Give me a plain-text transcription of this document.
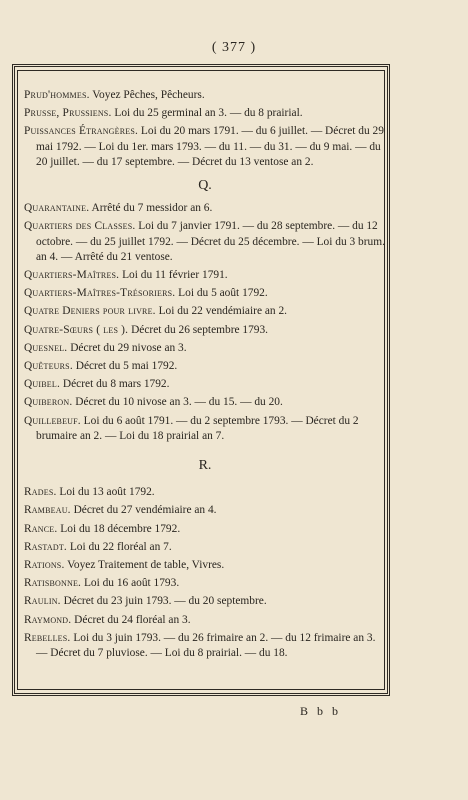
( 377 )

Prud'hommes. Voyez Pêches, Pêcheurs.

Prusse, Prussiens. Loi du 25 germinal an 3. — du 8 prairial.

Puissances Étrangères. Loi du 20 mars 1791. — du 6 juillet. — Décret du 29 mai 1792. — Loi du 1er. mars 1793. — du 11. — du 31. — du 9 mai. — du 20 juillet. — du 17 septembre. — Décret du 13 ventose an 2.

Q.

Quarantaine. Arrêté du 7 messidor an 6.

Quartiers des Classes. Loi du 7 janvier 1791. — du 28 septembre. — du 12 octobre. — du 25 juillet 1792. — Décret du 25 décembre. — Loi du 3 brum. an 4. — Arrêté du 21 ventose.

Quartiers-Maîtres. Loi du 11 février 1791.

Quartiers-Maîtres-Trésoriers. Loi du 5 août 1792.

Quatre Deniers pour livre. Loi du 22 vendémiaire an 2.

Quatre-Sœurs ( les ). Décret du 26 septembre 1793.

Quesnel. Décret du 29 nivose an 3.

Quêteurs. Décret du 5 mai 1792.

Quibel. Décret du 8 mars 1792.

Quiberon. Décret du 10 nivose an 3. — du 15. — du 20.

Quillebeuf. Loi du 6 août 1791. — du 2 septembre 1793. — Décret du 2 brumaire an 2. — Loi du 18 prairial an 7.

R.

Rades. Loi du 13 août 1792.

Rambeau. Décret du 27 vendémiaire an 4.

Rance. Loi du 18 décembre 1792.

Rastadt. Loi du 22 floréal an 7.

Rations. Voyez Traitement de table, Vivres.

Ratisbonne. Loi du 16 août 1793.

Raulin. Décret du 23 juin 1793. — du 20 septembre.

Raymond. Décret du 24 floréal an 3.

Rebelles. Loi du 3 juin 1793. — du 26 frimaire an 2. — du 12 frimaire an 3. — Décret du 7 pluviose. — Loi du 8 prairial. — du 18.

B b b
